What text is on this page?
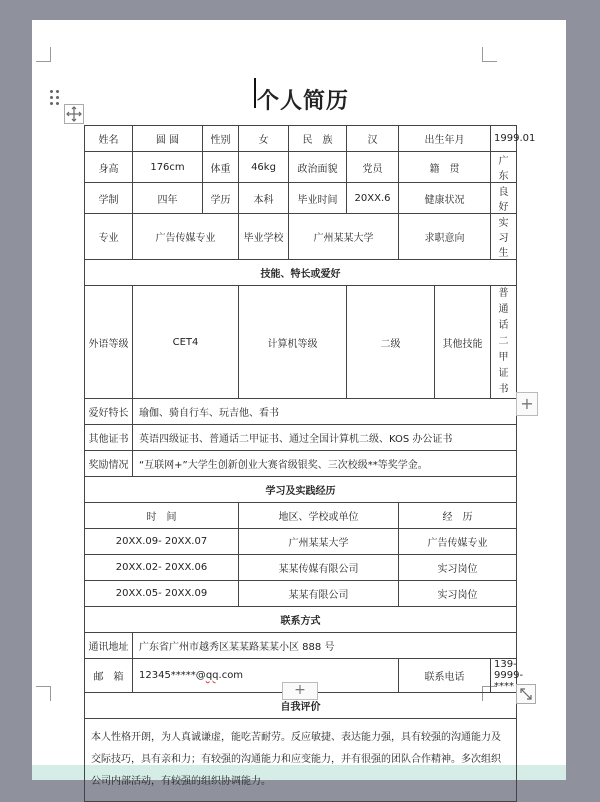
个人简历
姓名	圆 圆	性别	女	民　族	汉	出生年月		1999.01
身高	176cm	体重	46kg	政治面貌	党员	籍　贯		广东
学制	四年	学历	本科	毕业时间	20XX.6	健康状况		良好
专业	广告传媒专业		毕业学校	广州某某大学		求职意向		实习生
技能、特长或爱好								
外语等级	CET4		计算机等级		二级		其他技能	普通话二甲证书
爱好特长	瑜伽、骑自行车、玩吉他、看书							
其他证书	英语四级证书、普通话二甲证书、通过全国计算机二级、KOS 办公证书							
奖励情况	“互联网+”大学生创新创业大赛省级银奖、三次校级**等奖学金。							
学习及实践经历								
时　间			地区、学校或单位			经　历		
20XX.09- 20XX.07			广州某某大学			广告传媒专业		
20XX.02- 20XX.06			某某传媒有限公司			实习岗位		
20XX.05- 20XX.09			某某有限公司			实习岗位		
联系方式								
通讯地址	广东省广州市越秀区某某路某某小区 888 号							
邮　箱	12345*****@qq.com					联系电话		139-9999-****
自我评价								
本人性格开朗，为人真诚谦虚，能吃苦耐劳。反应敏捷、表达能力强，具有较强的沟通能力及交际技巧，具有亲和力；有较强的沟通能力和应变能力，并有很强的团队合作精神。多次组织公司内部活动，有较强的组织协调能力。								
+
+
